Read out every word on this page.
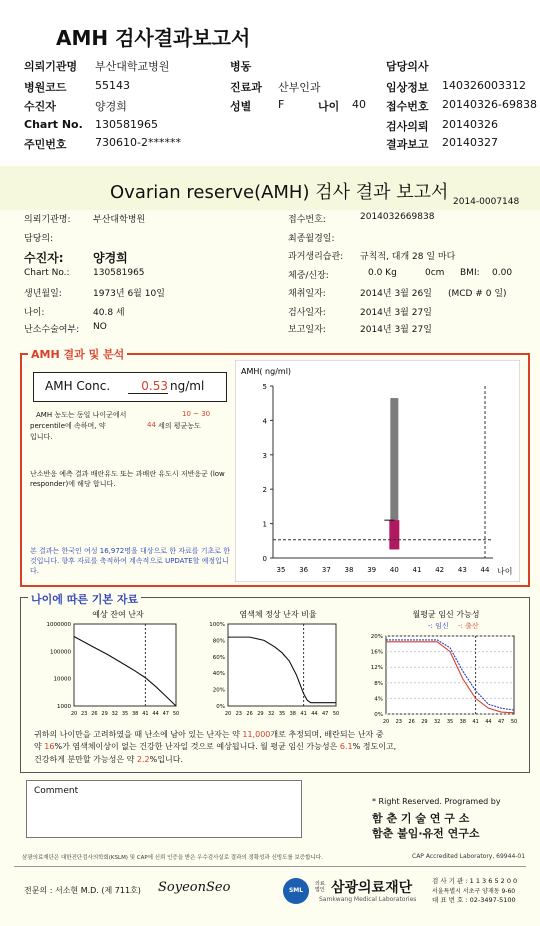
AMH 검사결과보고서
의뢰기관명 부산대학교병원
병원코드	55143
수진자	양경희
Chart No. 130581965
주민번호	730610-2******
병동
진료과 산부인과
성별 F	나이 40
담당의사
임상정보 140326003312
접수번호 20140326-69838
검사의뢰 20140326
결과보고 20140327
Ovarian reserve(AMH) 검사 결과 보고서 2014-0007148
의뢰기관명: 부산대학병원
담당의:
수진자: 양경희
Chart No.:	130581965
생년월일:	1973년 6월 10일
나이:	40.8 세
난소수술여부: NO
접수번호:	2014032669838
최종월경일:
과거생리습관: 규칙적, 대개 28 일 마다
체중/신장:	0.0 Kg	0cm BMI: 0.00
채취일자:	2014년 3월 26일 (MCD # 0 일)
검사일자:	2014년 3월 27일
보고일자:	2014년 3월 27일
AMH 결과 및 분석
AMH Conc.	0.53 ng/ml
AMH 농도는 동일 나이군에서	10 ~ 30
percentile에 속하며, 약	44 세의 평균농도
입니다.
난소반응 예측 결과 배란유도 또는 과배란 유도시 저반응군 (low responder)에 해당 합니다.
본 결과는 한국인 여성 16,972명을 대상으로 한 자료를 기초로 한 것입니다. 향후 자료를 축적하여 계속적으로 UPDATE할 예정입니다.
AMH( ng/ml)
0
1
2
3
4
5
35 36 37 38 39 40 41 42 43 44 나이
나이에 따른 기본 자료
예상 잔여 난자
1000000
100000
10000
1000
20 23 26 29 32 35 38 41 44 47 50
염색체 정상 난자 비율
100%
80%
60%
40%
20%
0%
20 23 26 29 32 35 38 41 44 47 50
월평균 임신 가능성
-: 임신 -: 출산
20%
16%
12%
8%
4%
0%
20 23 26 29 32 35 38 41 44 47 50
귀하의 나이만을 고려하였을 때 난소에 남아 있는 난자는 약 11,000개로 추정되며, 배란되는 난자 중
약 16%가 염색체이상이 없는 건강한 난자일 것으로 예상됩니다. 월 평균 임신 가능성은 6.1% 정도이고,
건강하게 분만할 가능성은 약 2.2%입니다.
Comment
* Right Reserved. Programed by
함 춘 기 술 연 구 소
함춘 불임·유전 연구소
삼광의료재단은 대한진단검사의학회(KSLM) 및 CAP에 신뢰 인증을 받은 우수검사실로 결과의 정확성과 신빙도를 보증합니다.	CAP Accredited Laboratory, 69944-01
전문의 : 서소현 M.D. (제 711호) SoyeonSeo	SML
의료 법인 삼광의료재단
Samkwang Medical Laboratories
검 사 기 관 : 1 1 3 6 5 2 0 0
서울특별시 서초구 양재동 9-60
대 표 번 호 : 02-3497-5100
